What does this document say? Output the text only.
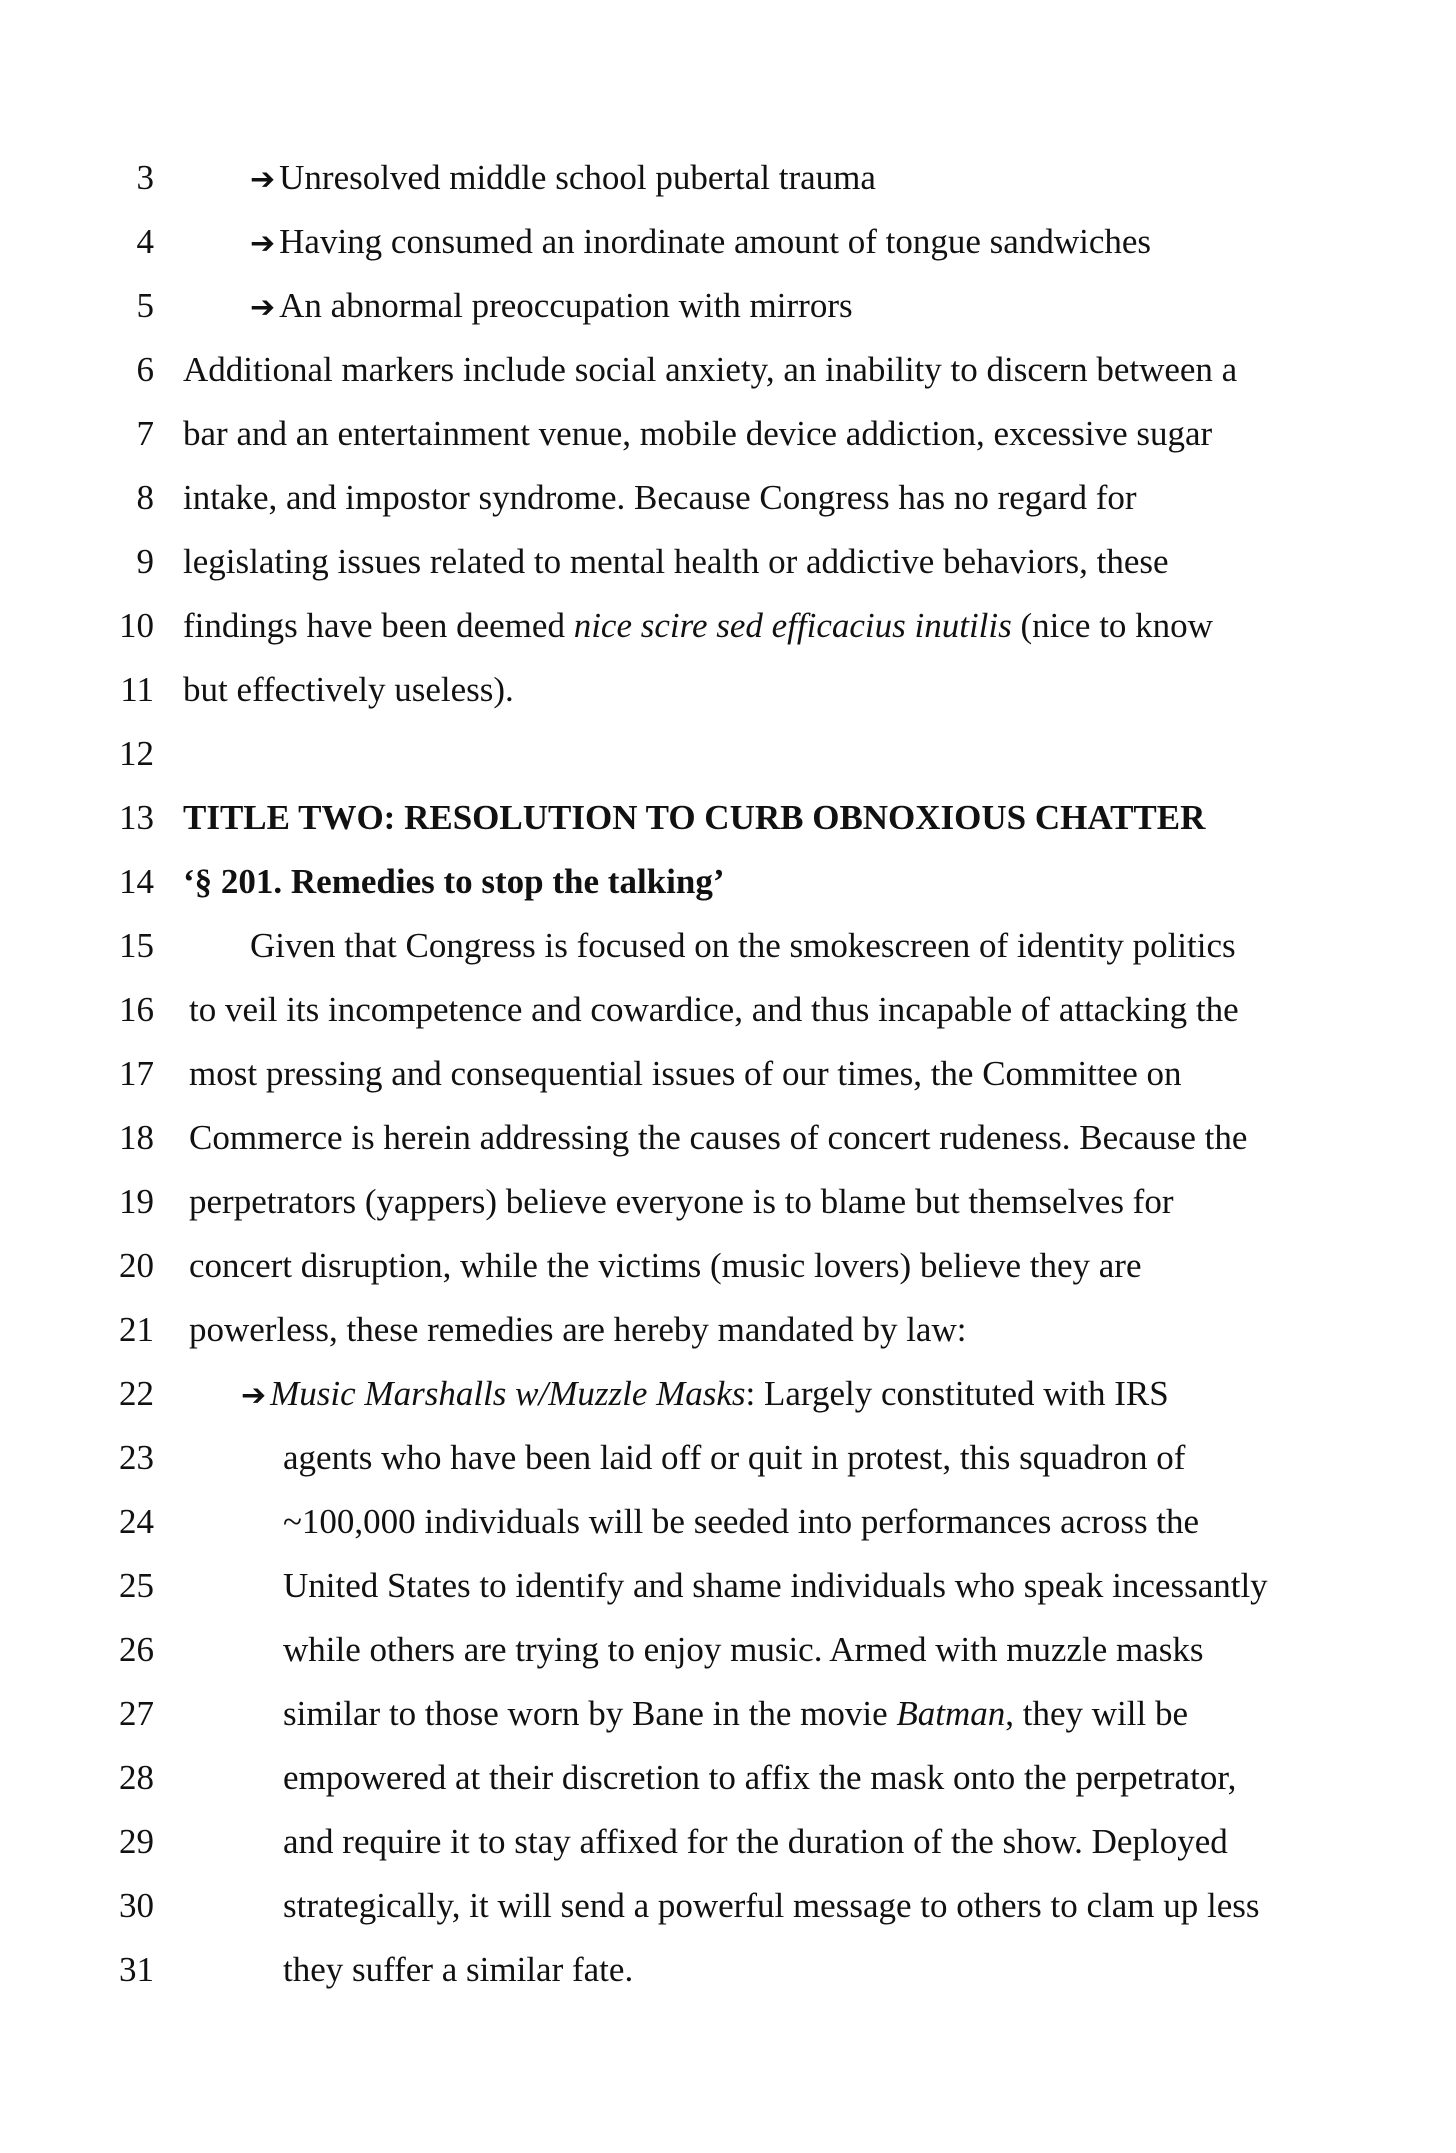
3	➔ Unresolved middle school pubertal trauma
4	➔ Having consumed an inordinate amount of tongue sandwiches
5	➔ An abnormal preoccupation with mirrors
6 Additional markers include social anxiety, an inability to discern between a
7 bar and an entertainment venue, mobile device addiction, excessive sugar
8 intake, and impostor syndrome. Because Congress has no regard for
9 legislating issues related to mental health or addictive behaviors, these
10 findings have been deemed nice scire sed efficacius inutilis (nice to know
11 but effectively useless).
12
13 TITLE TWO: RESOLUTION TO CURB OBNOXIOUS CHATTER
14 ‘§ 201. Remedies to stop the talking’
15	Given that Congress is focused on the smokescreen of identity politics
16 to veil its incompetence and cowardice, and thus incapable of attacking the
17 most pressing and consequential issues of our times, the Committee on
18 Commerce is herein addressing the causes of concert rudeness. Because the
19 perpetrators (yappers) believe everyone is to blame but themselves for
20 concert disruption, while the victims (music lovers) believe they are
21 powerless, these remedies are hereby mandated by law:
22	➔ Music Marshalls w/Muzzle Masks: Largely constituted with IRS
23	agents who have been laid off or quit in protest, this squadron of
24	~100,000 individuals will be seeded into performances across the
25	United States to identify and shame individuals who speak incessantly
26	while others are trying to enjoy music. Armed with muzzle masks
27	similar to those worn by Bane in the movie Batman, they will be
28	empowered at their discretion to affix the mask onto the perpetrator,
29	and require it to stay affixed for the duration of the show. Deployed
30	strategically, it will send a powerful message to others to clam up less
31	they suffer a similar fate.
